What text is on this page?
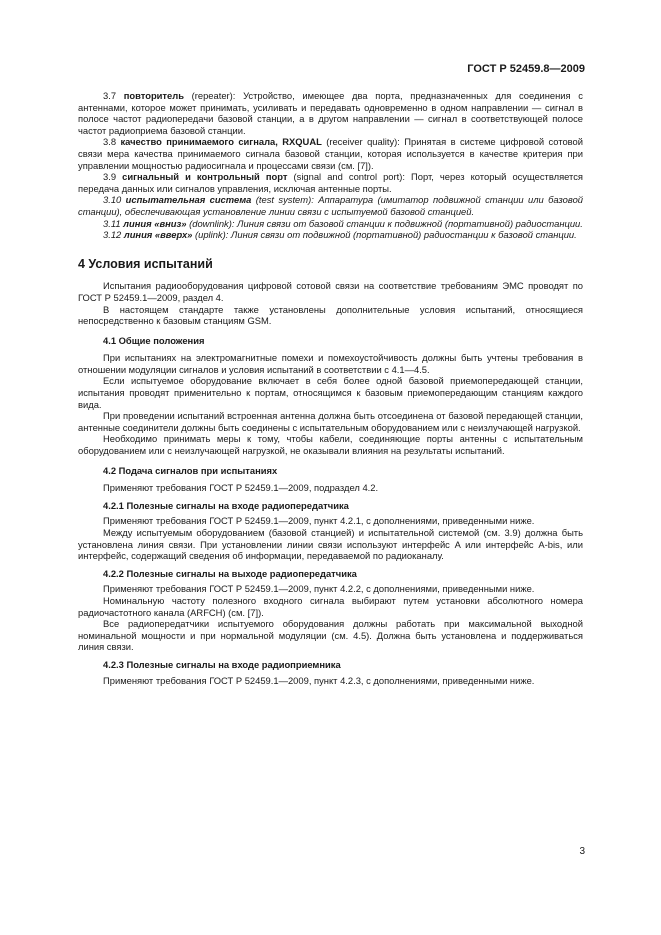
ГОСТ Р 52459.8—2009

3.7 повторитель (repeater): Устройство, имеющее два порта, предназначенных для соединения с антеннами, которое может принимать, усиливать и передавать одновременно в одном направлении — сигнал в полосе частот радиопередачи базовой станции, а в другом направлении — сигнал в соответствующей полосе частот радиоприема базовой станции.

3.8 качество принимаемого сигнала, RXQUAL (receiver quality): Принятая в системе цифровой сотовой связи мера качества принимаемого сигнала базовой станции, которая используется в качестве критерия при управлении мощностью радиосигнала и процессами связи (см. [7]).

3.9 сигнальный и контрольный порт (signal and control port): Порт, через который осуществляется передача данных или сигналов управления, исключая антенные порты.

3.10 испытательная система (test system): Аппаратура (имитатор подвижной станции или базовой станции), обеспечивающая установление линии связи с испытуемой базовой станцией.

3.11 линия «вниз» (downlink): Линия связи от базовой станции к подвижной (портативной) радиостанции.

3.12 линия «вверх» (uplink): Линия связи от подвижной (портативной) радиостанции к базовой станции.

4 Условия испытаний

Испытания радиооборудования цифровой сотовой связи на соответствие требованиям ЭМС проводят по ГОСТ Р 52459.1—2009, раздел 4.

В настоящем стандарте также установлены дополнительные условия испытаний, относящиеся непосредственно к базовым станциям GSM.

4.1 Общие положения

При испытаниях на электромагнитные помехи и помехоустойчивость должны быть учтены требования в отношении модуляции сигналов и условия испытаний в соответствии с 4.1—4.5.

Если испытуемое оборудование включает в себя более одной базовой приемопередающей станции, испытания проводят применительно к портам, относящимся к базовым приемопередающим станциям каждого вида.

При проведении испытаний встроенная антенна должна быть отсоединена от базовой передающей станции, антенные соединители должны быть соединены с испытательным оборудованием или с неизлучающей нагрузкой.

Необходимо принимать меры к тому, чтобы кабели, соединяющие порты антенны с испытательным оборудованием или с неизлучающей нагрузкой, не оказывали влияния на результаты испытаний.

4.2 Подача сигналов при испытаниях

Применяют требования ГОСТ Р 52459.1—2009, подраздел 4.2.

4.2.1 Полезные сигналы на входе радиопередатчика

Применяют требования ГОСТ Р 52459.1—2009, пункт 4.2.1, с дополнениями, приведенными ниже.

Между испытуемым оборудованием (базовой станцией) и испытательной системой (см. 3.9) должна быть установлена линия связи. При установлении линии связи используют интерфейс A или интерфейс A-bis, или интерфейс, содержащий сведения об информации, передаваемой по радиоканалу.

4.2.2 Полезные сигналы на выходе радиопередатчика

Применяют требования ГОСТ Р 52459.1—2009, пункт 4.2.2, с дополнениями, приведенными ниже.

Номинальную частоту полезного входного сигнала выбирают путем установки абсолютного номера радиочастотного канала (ARFCH) (см. [7]).

Все радиопередатчики испытуемого оборудования должны работать при максимальной выходной номинальной мощности и при нормальной модуляции (см. 4.5). Должна быть установлена и поддерживаться линия связи.

4.2.3 Полезные сигналы на входе радиоприемника

Применяют требования ГОСТ Р 52459.1—2009, пункт 4.2.3, с дополнениями, приведенными ниже.

3
